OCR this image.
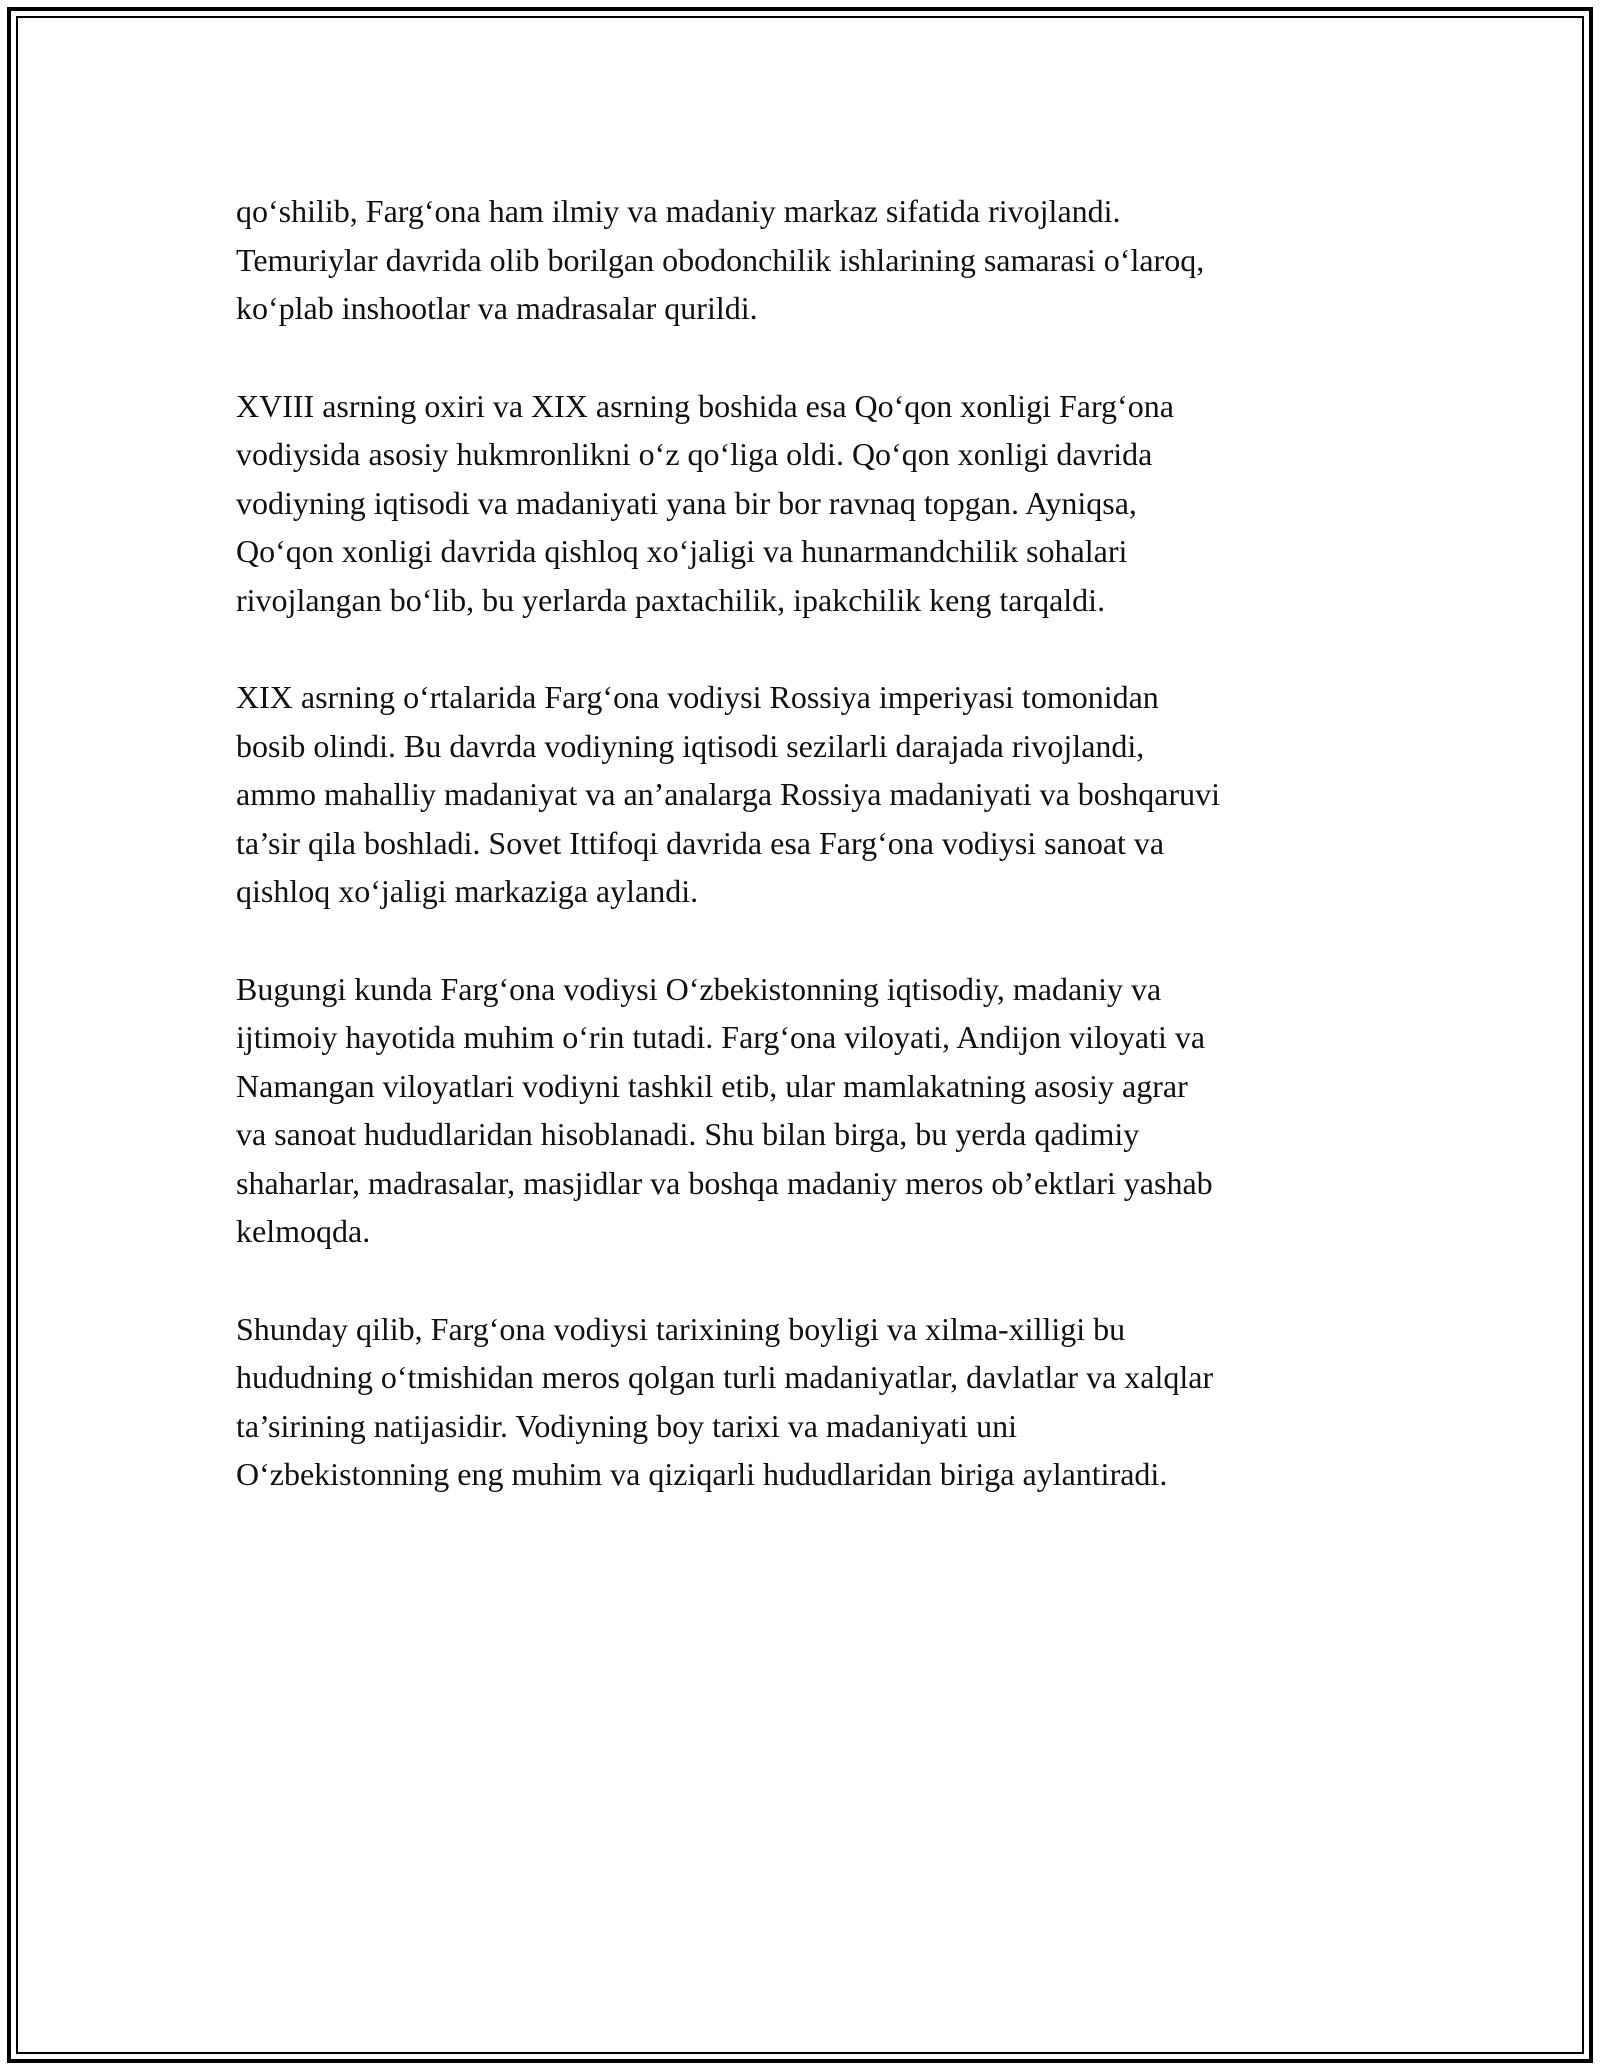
qo‘shilib, Farg‘ona ham ilmiy va madaniy markaz sifatida rivojlandi.
Temuriylar davrida olib borilgan obodonchilik ishlarining samarasi o‘laroq,
ko‘plab inshootlar va madrasalar qurildi.

XVIII asrning oxiri va XIX asrning boshida esa Qo‘qon xonligi Farg‘ona
vodiysida asosiy hukmronlikni o‘z qo‘liga oldi. Qo‘qon xonligi davrida
vodiyning iqtisodi va madaniyati yana bir bor ravnaq topgan. Ayniqsa,
Qo‘qon xonligi davrida qishloq xo‘jaligi va hunarmandchilik sohalari
rivojlangan bo‘lib, bu yerlarda paxtachilik, ipakchilik keng tarqaldi.

XIX asrning o‘rtalarida Farg‘ona vodiysi Rossiya imperiyasi tomonidan
bosib olindi. Bu davrda vodiyning iqtisodi sezilarli darajada rivojlandi,
ammo mahalliy madaniyat va an’analarga Rossiya madaniyati va boshqaruvi
ta’sir qila boshladi. Sovet Ittifoqi davrida esa Farg‘ona vodiysi sanoat va
qishloq xo‘jaligi markaziga aylandi.

Bugungi kunda Farg‘ona vodiysi O‘zbekistonning iqtisodiy, madaniy va
ijtimoiy hayotida muhim o‘rin tutadi. Farg‘ona viloyati, Andijon viloyati va
Namangan viloyatlari vodiyni tashkil etib, ular mamlakatning asosiy agrar
va sanoat hududlaridan hisoblanadi. Shu bilan birga, bu yerda qadimiy
shaharlar, madrasalar, masjidlar va boshqa madaniy meros ob’ektlari yashab
kelmoqda.

Shunday qilib, Farg‘ona vodiysi tarixining boyligi va xilma-xilligi bu
hududning o‘tmishidan meros qolgan turli madaniyatlar, davlatlar va xalqlar
ta’sirining natijasidir. Vodiyning boy tarixi va madaniyati uni
O‘zbekistonning eng muhim va qiziqarli hududlaridan biriga aylantiradi.
